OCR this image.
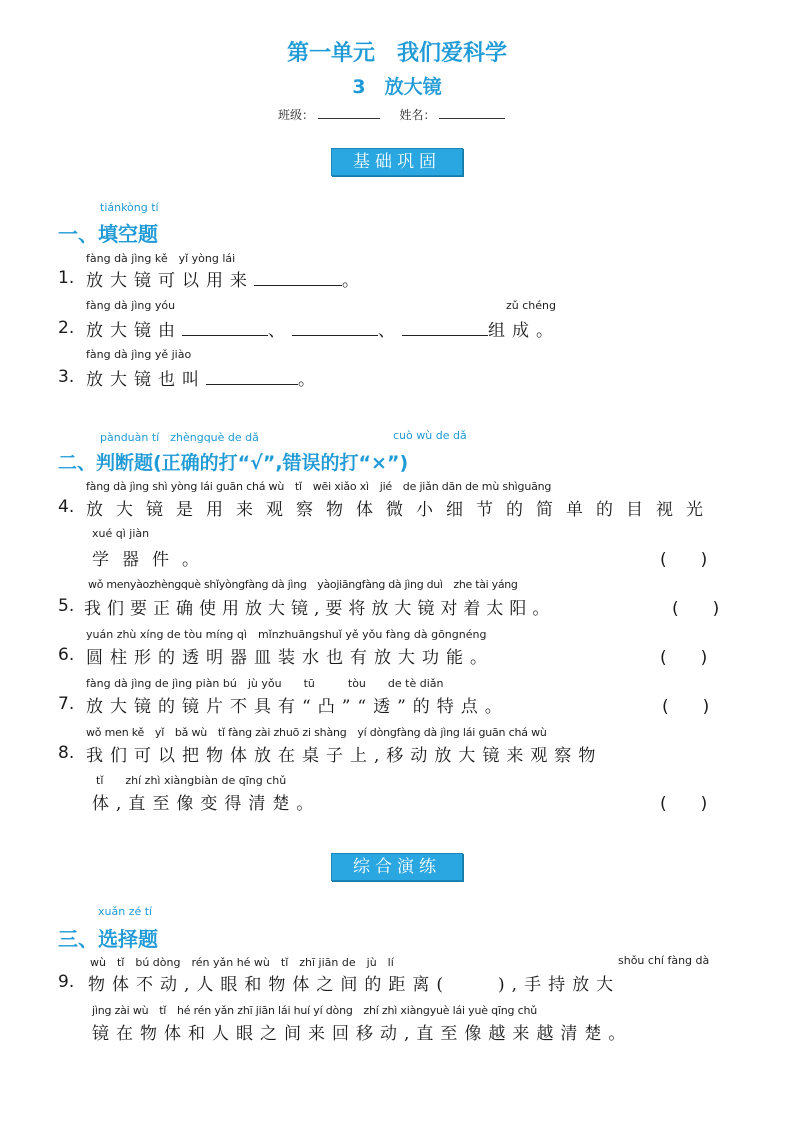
第一单元　我们爱科学
3　放大镜
班级：	姓名：
基础巩固
tiánkòng tí
一、填空题
fàng dà jìng kě　yǐ yòng lái
1. 放大镜可以用来	。
fàng dà jìng yóu	zǔ chéng
2. 放大镜由	、	、	组成。
fàng dà jìng yě jiào
3. 放大镜也叫	。
pànduàn tí　zhèngquè de dǎ	cuò wù de dǎ
二、判断题(正确的打“√”,错误的打“×”)
fàng dà jìng shì yòng lái guān chá wù　tǐ　wēi xiǎo xì　jié　de jiǎn dān de mù shìguāng
4. 放大镜是用来观察物体微小细节的简单的目视光
xué qì jiàn
学器件。	(　　)
wǒ menyàozhèngquè shǐyòngfàng dà jìng　yàojiāngfàng dà jìng duì　zhe tài yáng
5. 我们要正确使用放大镜,要将放大镜对着太阳。	(　　)
yuán zhù xíng de tòu míng qì　mǐnzhuāngshuǐ yě yǒu fàng dà gōngnéng
6. 圆柱形的透明器皿装水也有放大功能。	(　　)
fàng dà jìng de jìng piàn bú　jù yǒu　　tū　　　tòu　　de tè diǎn
7. 放大镜的镜片不具有“凸”“透”的特点。	(　　)
wǒ men kě　yǐ　bǎ wù　tǐ fàng zài zhuō zi shàng　yí dòngfàng dà jìng lái guān chá wù
8. 我们可以把物体放在桌子上,移动放大镜来观察物
tǐ　　zhí zhì xiàngbiàn de qīng chǔ
体,直至像变得清楚。	(　　)
综合演练
xuǎn zé tí
三、选择题
wù　tǐ　bú dòng　rén yǎn hé wù　tǐ　zhī jiān de　jù　lí	shǒu chí fàng dà
9. 物体不动,人眼和物体之间的距离(　　),手持放大
jìng zài wù　tǐ　hé rén yǎn zhī jiān lái huí yí dòng　zhí zhì xiàngyuè lái yuè qīng chǔ
镜在物体和人眼之间来回移动,直至像越来越清楚。
